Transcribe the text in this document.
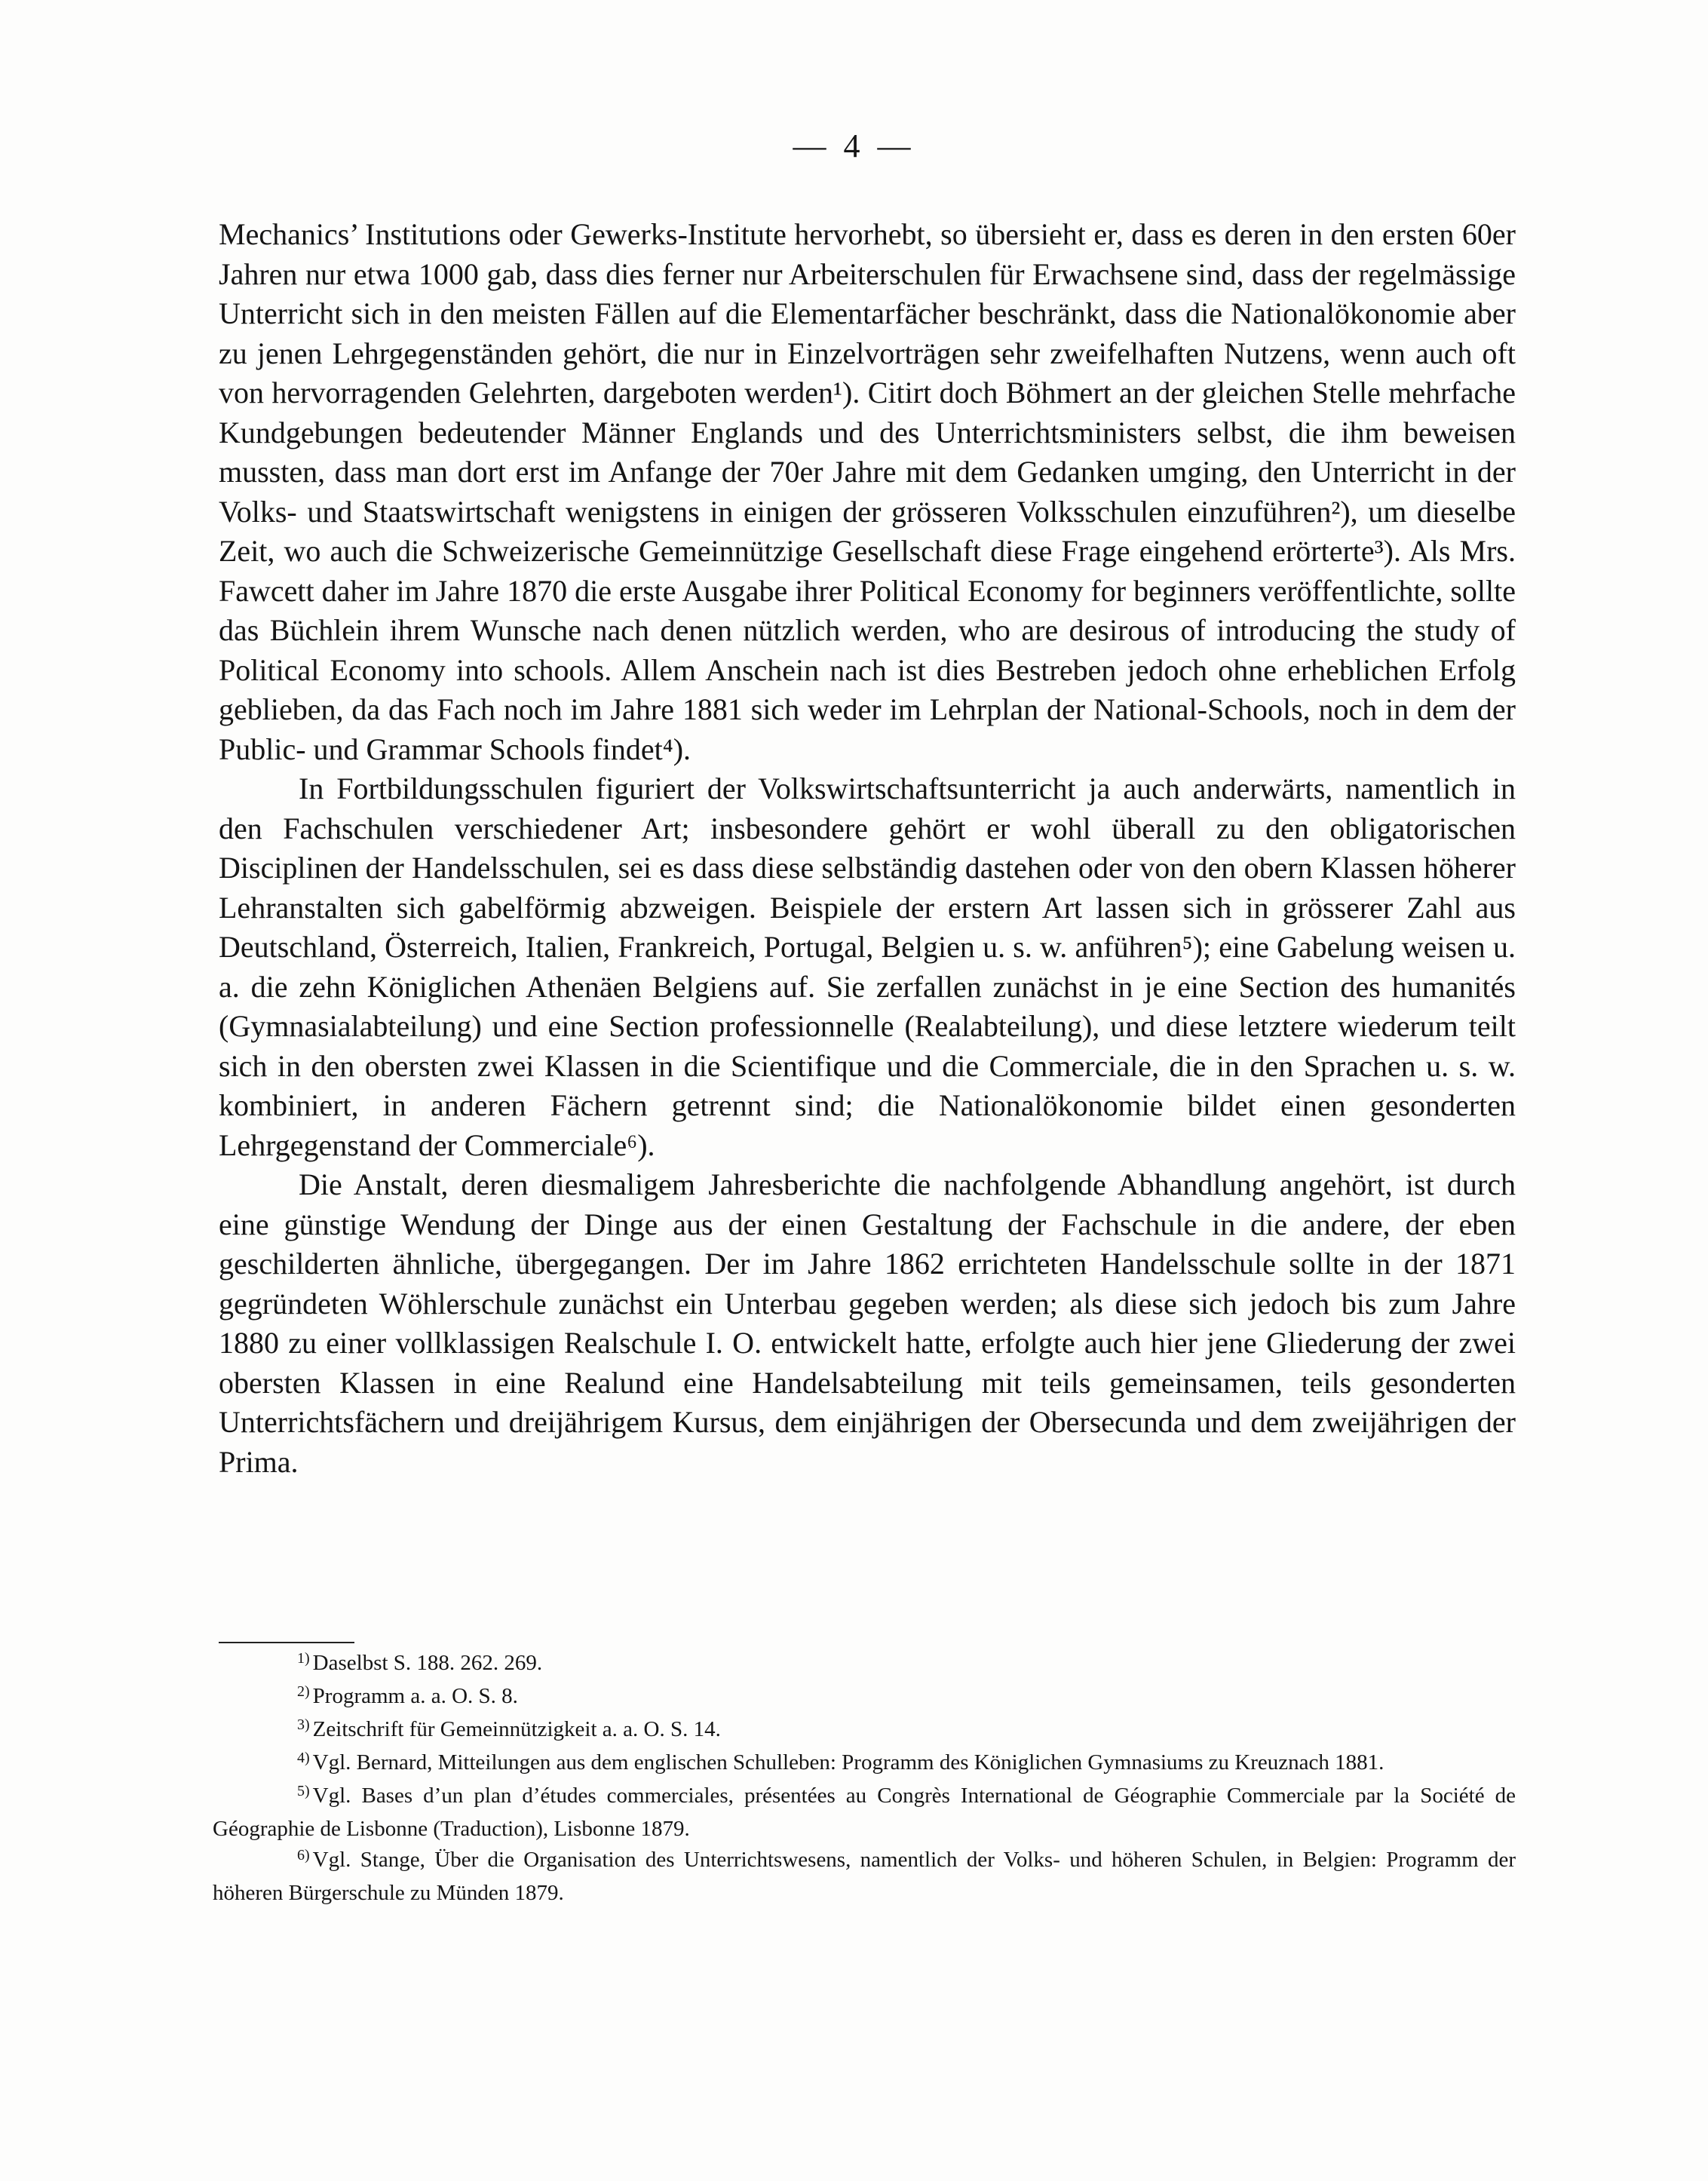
— 4 —

Mechanics’ Institutions oder Gewerks-Institute hervorhebt, so übersieht er, dass es deren in den ersten 60er Jahren nur etwa 1000 gab, dass dies ferner nur Arbeiterschulen für Erwachsene sind, dass der regelmässige Unterricht sich in den meisten Fällen auf die Elementarfächer beschränkt, dass die Nationalökonomie aber zu jenen Lehrgegenständen gehört, die nur in Einzelvorträgen sehr zweifelhaften Nutzens, wenn auch oft von hervorragenden Gelehrten, dargeboten werden¹). Citirt doch Böhmert an der gleichen Stelle mehrfache Kundgebungen bedeutender Männer Englands und des Unterrichtsministers selbst, die ihm beweisen mussten, dass man dort erst im Anfange der 70er Jahre mit dem Gedanken umging, den Unterricht in der Volks- und Staatswirtschaft wenigstens in einigen der grösseren Volksschulen einzuführen²), um dieselbe Zeit, wo auch die Schweizerische Gemeinnützige Gesellschaft diese Frage eingehend erörterte³). Als Mrs. Fawcett daher im Jahre 1870 die erste Ausgabe ihrer Political Economy for beginners veröffentlichte, sollte das Büchlein ihrem Wunsche nach denen nützlich werden, who are desirous of introducing the study of Political Economy into schools. Allem Anschein nach ist dies Bestreben jedoch ohne erheblichen Erfolg geblieben, da das Fach noch im Jahre 1881 sich weder im Lehrplan der National-Schools, noch in dem der Public- und Grammar Schools findet⁴).

In Fortbildungsschulen figuriert der Volkswirtschaftsunterricht ja auch anderwärts, namentlich in den Fachschulen verschiedener Art; insbesondere gehört er wohl überall zu den obligatorischen Disciplinen der Handelsschulen, sei es dass diese selbständig dastehen oder von den obern Klassen höherer Lehranstalten sich gabelförmig abzweigen. Beispiele der erstern Art lassen sich in grösserer Zahl aus Deutschland, Österreich, Italien, Frankreich, Portugal, Belgien u. s. w. anführen⁵); eine Gabelung weisen u. a. die zehn Königlichen Athenäen Belgiens auf. Sie zerfallen zunächst in je eine Section des humanités (Gymnasialabteilung) und eine Section professionnelle (Realabteilung), und diese letztere wiederum teilt sich in den obersten zwei Klassen in die Scientifique und die Commerciale, die in den Sprachen u. s. w. kombiniert, in anderen Fächern getrennt sind; die Nationalökonomie bildet einen gesonderten Lehrgegenstand der Commerciale⁶).

Die Anstalt, deren diesmaligem Jahresberichte die nachfolgende Abhandlung angehört, ist durch eine günstige Wendung der Dinge aus der einen Gestaltung der Fachschule in die andere, der eben geschilderten ähnliche, übergegangen. Der im Jahre 1862 errichteten Handelsschule sollte in der 1871 gegründeten Wöhlerschule zunächst ein Unterbau gegeben werden; als diese sich jedoch bis zum Jahre 1880 zu einer vollklassigen Realschule I. O. entwickelt hatte, erfolgte auch hier jene Gliederung der zwei obersten Klassen in eine Realund eine Handelsabteilung mit teils gemeinsamen, teils gesonderten Unterrichtsfächern und dreijährigem Kursus, dem einjährigen der Obersecunda und dem zweijährigen der Prima.

$^{1)}$ Daselbst S. 188. 262. 269.

$^{2)}$ Programm a. a. O. S. 8.

$^{3)}$ Zeitschrift für Gemeinnützigkeit a. a. O. S. 14.

$^{4)}$ Vgl. Bernard, Mitteilungen aus dem englischen Schulleben: Programm des Königlichen Gymnasiums zu Kreuznach 1881.

$^{5)}$ Vgl. Bases d’un plan d’études commerciales, présentées au Congrès International de Géographie Commerciale par la Société de Géographie de Lisbonne (Traduction), Lisbonne 1879.

$^{6)}$ Vgl. Stange, Über die Organisation des Unterrichtswesens, namentlich der Volks- und höheren Schulen, in Belgien: Programm der höheren Bürgerschule zu Münden 1879.
